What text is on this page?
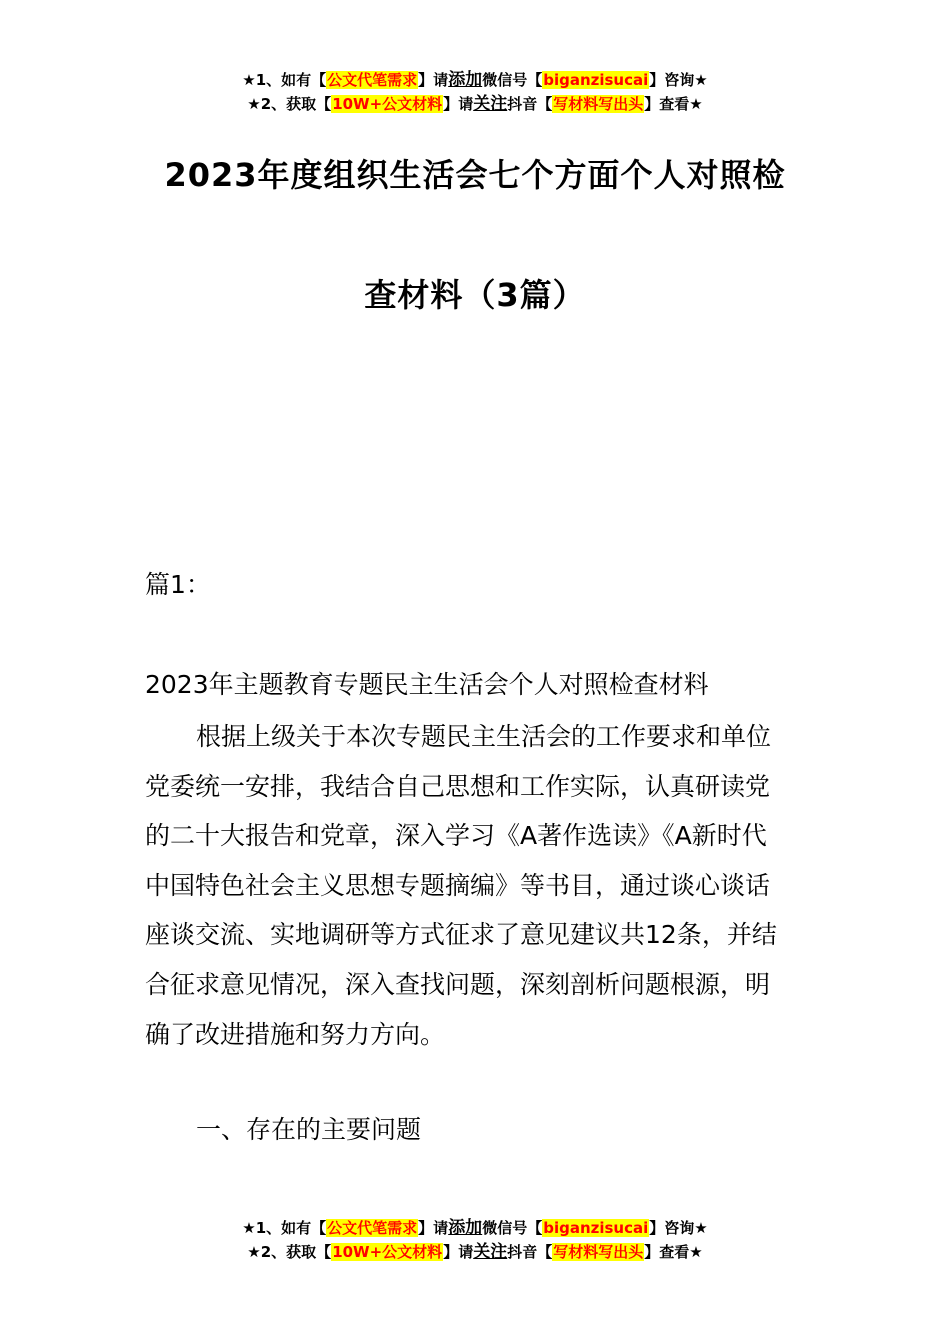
★1、如有【公文代笔需求】请添加微信号【biganzisucai】咨询★
★2、获取【10W+公文材料】请关注抖音【写材料写出头】查看★
2023年度组织生活会七个方面个人对照检
查材料（3篇）
篇1：
2023年主题教育专题民主生活会个人对照检查材料
根据上级关于本次专题民主生活会的工作要求和单位
党委统一安排，我结合自己思想和工作实际，认真研读党
的二十大报告和党章，深入学习《A著作选读》《A新时代
中国特色社会主义思想专题摘编》等书目，通过谈心谈话
座谈交流、实地调研等方式征求了意见建议共12条，并结
合征求意见情况，深入查找问题，深刻剖析问题根源，明
确了改进措施和努力方向。
一、存在的主要问题
★1、如有【公文代笔需求】请添加微信号【biganzisucai】咨询★
★2、获取【10W+公文材料】请关注抖音【写材料写出头】查看★
